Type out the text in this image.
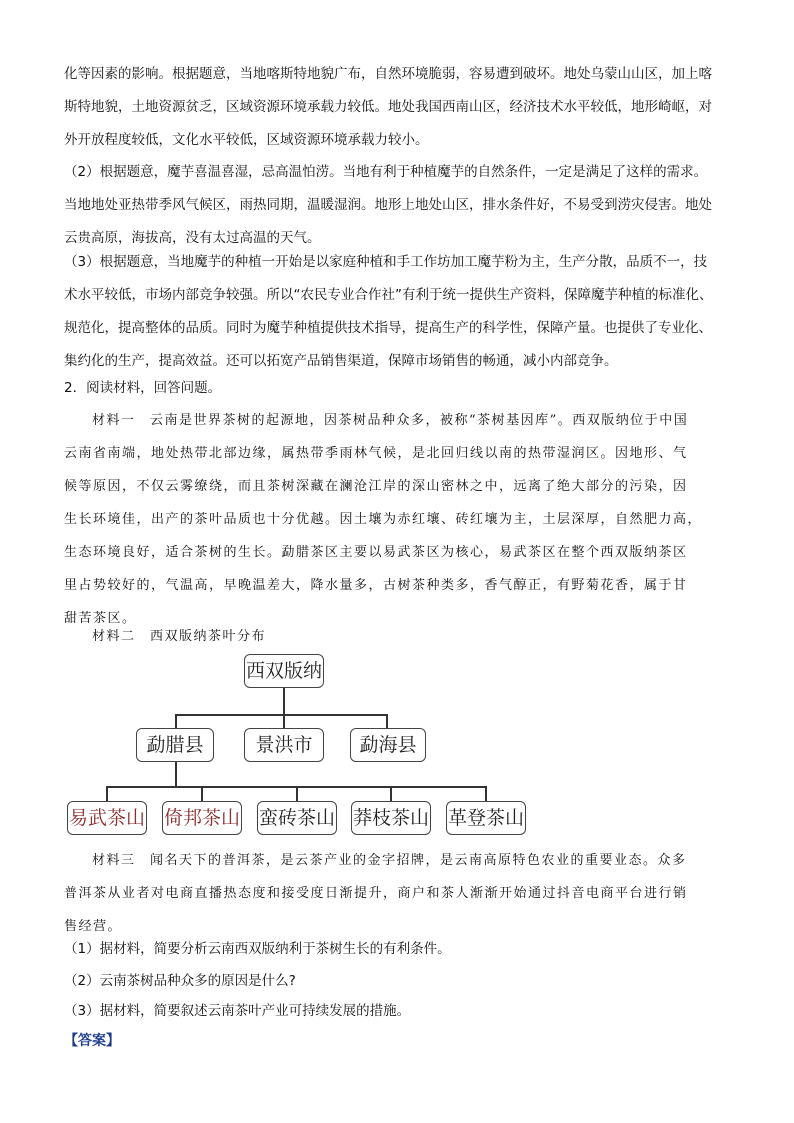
化等因素的影响。根据题意，当地喀斯特地貌广布，自然环境脆弱，容易遭到破坏。地处乌蒙山山区，加上喀
斯特地貌，土地资源贫乏，区域资源环境承载力较低。地处我国西南山区，经济技术水平较低，地形崎岖，对
外开放程度较低，文化水平较低，区域资源环境承载力较小。
（2）根据题意，魔芋喜温喜湿，忌高温怕涝。当地有利于种植魔芋的自然条件，一定是满足了这样的需求。
当地地处亚热带季风气候区，雨热同期，温暖湿润。地形上地处山区，排水条件好，不易受到涝灾侵害。地处
云贵高原，海拔高，没有太过高温的天气。
（3）根据题意，当地魔芋的种植一开始是以家庭种植和手工作坊加工魔芋粉为主，生产分散，品质不一，技
术水平较低，市场内部竞争较强。所以“农民专业合作社”有利于统一提供生产资料，保障魔芋种植的标准化、
规范化，提高整体的品质。同时为魔芋种植提供技术指导，提高生产的科学性，保障产量。也提供了专业化、
集约化的生产，提高效益。还可以拓宽产品销售渠道，保障市场销售的畅通，减小内部竞争。
2．阅读材料，回答问题。
材料一　云南是世界茶树的起源地，因茶树品种众多，被称“茶树基因库”。西双版纳位于中国
云南省南端，地处热带北部边缘，属热带季雨林气候，是北回归线以南的热带湿润区。因地形、气
候等原因，不仅云雾缭绕，而且茶树深藏在澜沧江岸的深山密林之中，远离了绝大部分的污染，因
生长环境佳，出产的茶叶品质也十分优越。因土壤为赤红壤、砖红壤为主，土层深厚，自然肥力高，
生态环境良好，适合茶树的生长。勐腊茶区主要以易武茶区为核心，易武茶区在整个西双版纳茶区
里占势较好的，气温高，早晚温差大，降水量多，古树茶种类多，香气醇正，有野菊花香，属于甘
甜苦茶区。
材料二　西双版纳茶叶分布
西双版纳
勐腊县	景洪市	勐海县
易武茶山 倚邦茶山 蛮砖茶山 莽枝茶山 革登茶山
材料三　闻名天下的普洱茶，是云茶产业的金字招牌，是云南高原特色农业的重要业态。众多
普洱茶从业者对电商直播热态度和接受度日渐提升，商户和茶人渐渐开始通过抖音电商平台进行销
售经营。
（1）据材料，简要分析云南西双版纳利于茶树生长的有利条件。
（2）云南茶树品种众多的原因是什么?
（3）据材料，简要叙述云南茶叶产业可持续发展的措施。
【答案】
